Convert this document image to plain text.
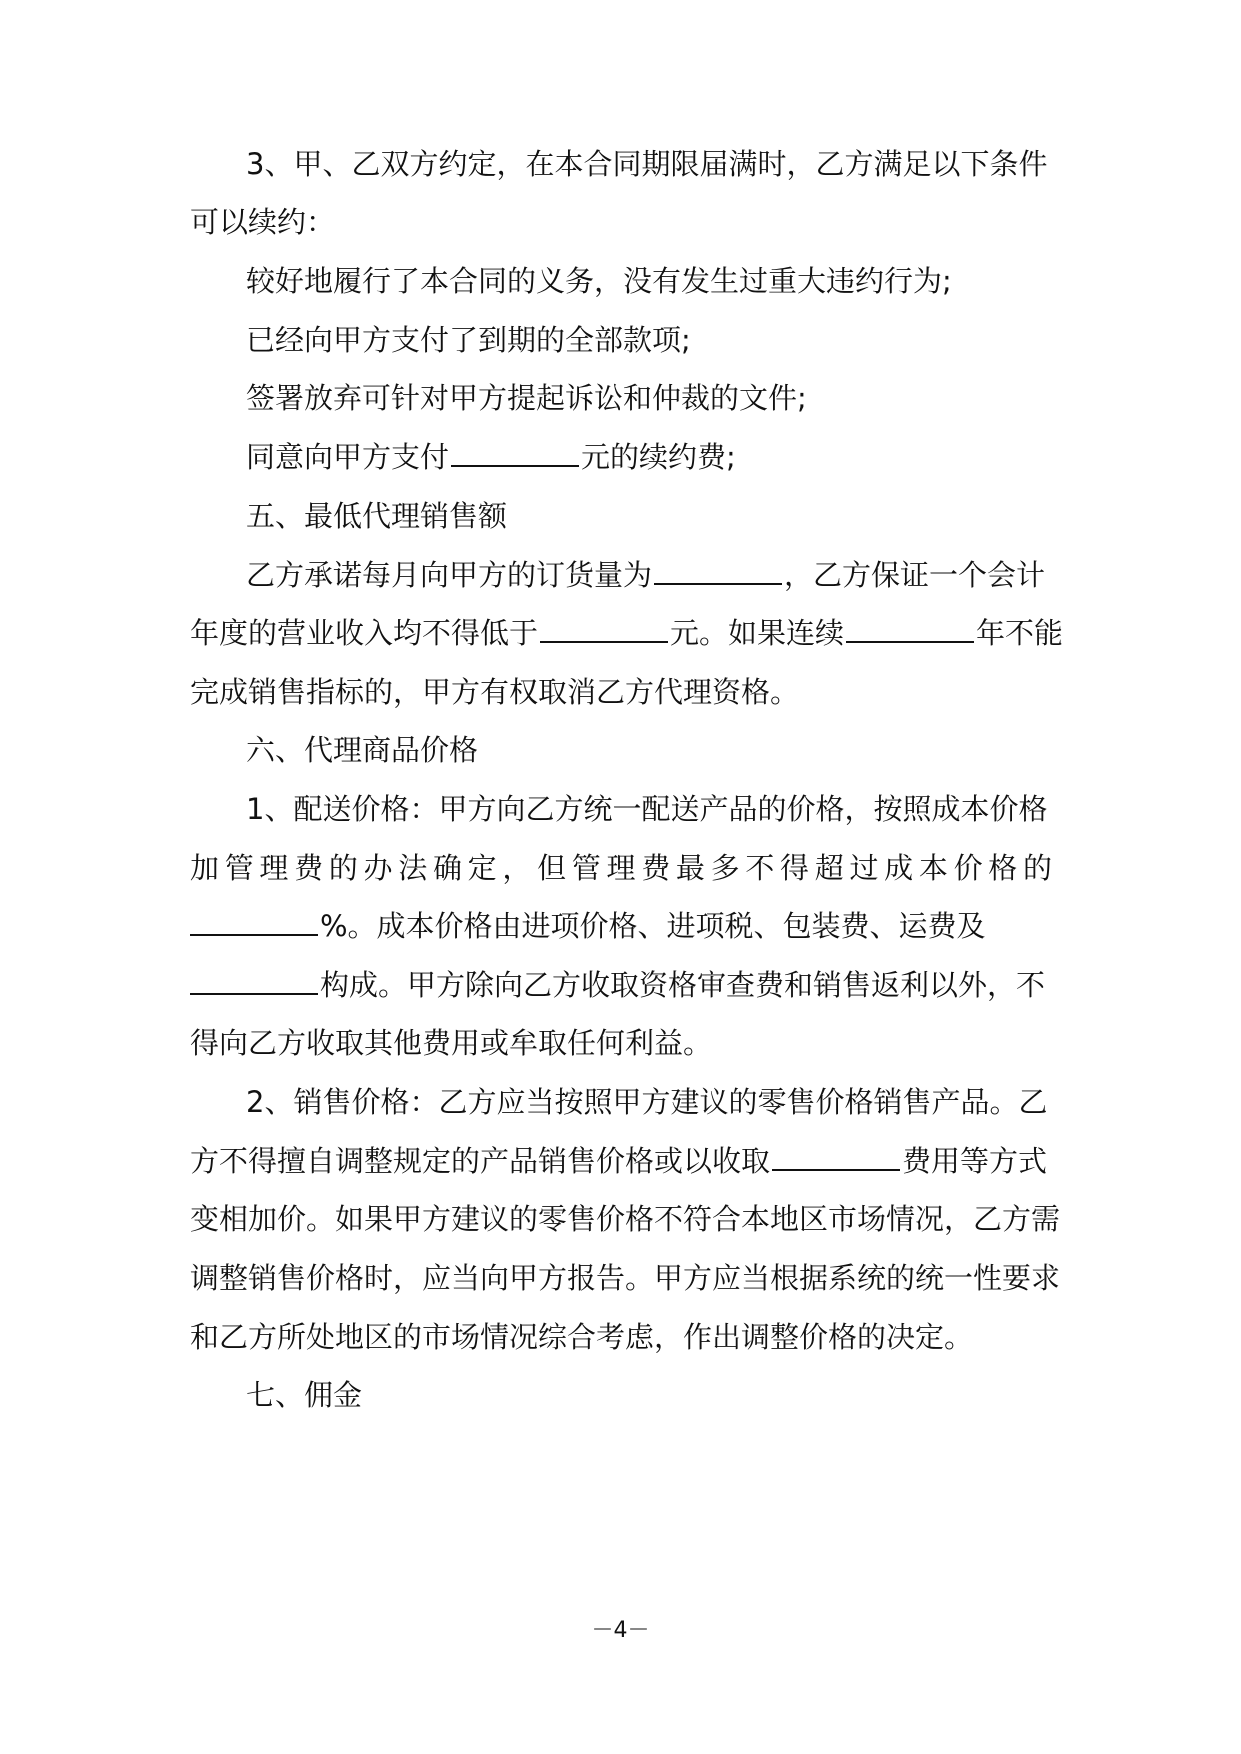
3、甲、乙双方约定，在本合同期限届满时，乙方满足以下条件
可以续约：
较好地履行了本合同的义务，没有发生过重大违约行为;
已经向甲方支付了到期的全部款项;
签署放弃可针对甲方提起诉讼和仲裁的文件;
同意向甲方支付	元的续约费;
五、最低代理销售额
乙方承诺每月向甲方的订货量为	，乙方保证一个会计
年度的营业收入均不得低于	元。如果连续	年不能
完成销售指标的，甲方有权取消乙方代理资格。
六、代理商品价格
1、配送价格：甲方向乙方统一配送产品的价格，按照成本价格
加管理费的办法确定，但管理费最多不得超过成本价格的
%。成本价格由进项价格、进项税、包装费、运费及
构成。甲方除向乙方收取资格审查费和销售返利以外，不
得向乙方收取其他费用或牟取任何利益。
2、销售价格：乙方应当按照甲方建议的零售价格销售产品。乙
方不得擅自调整规定的产品销售价格或以收取	费用等方式
变相加价。如果甲方建议的零售价格不符合本地区市场情况，乙方需
调整销售价格时，应当向甲方报告。甲方应当根据系统的统一性要求
和乙方所处地区的市场情况综合考虑，作出调整价格的决定。
七、佣金
－4－
